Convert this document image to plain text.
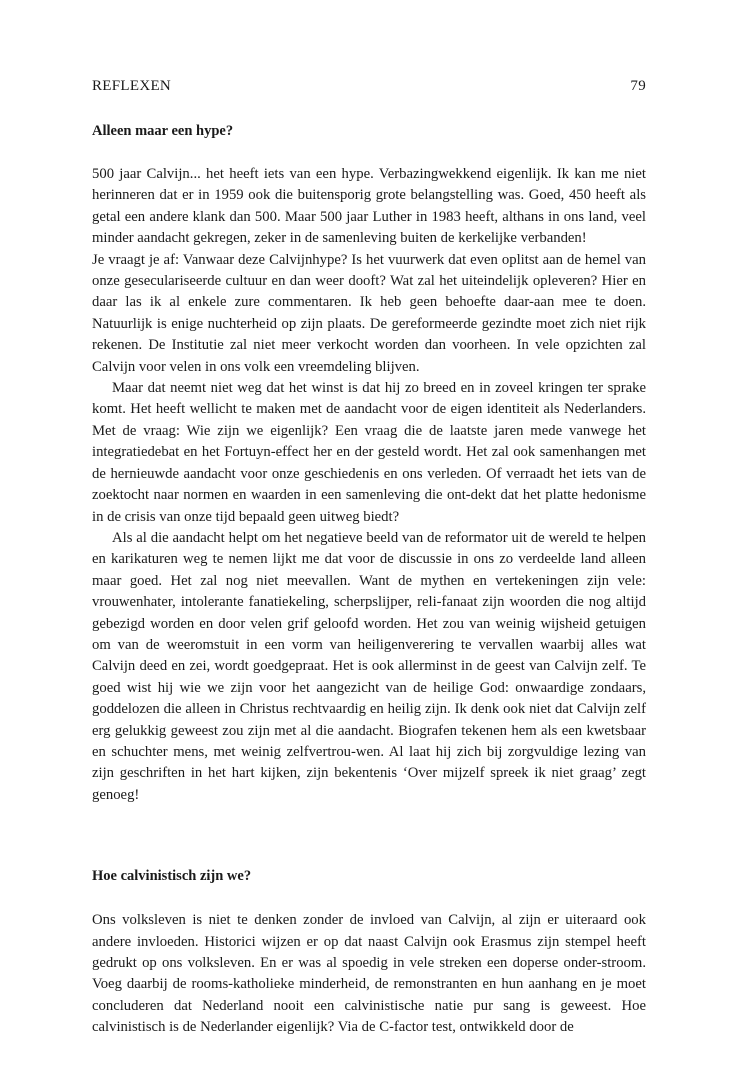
REFLEXEN	79
Alleen maar een hype?

500 jaar Calvijn... het heeft iets van een hype. Verbazingwekkend eigenlijk. Ik kan me niet herinneren dat er in 1959 ook die buitensporig grote belangstelling was. Goed, 450 heeft als getal een andere klank dan 500. Maar 500 jaar Luther in 1983 heeft, althans in ons land, veel minder aandacht gekregen, zeker in de samenleving buiten de kerkelijke verbanden!

Je vraagt je af: Vanwaar deze Calvijnhype? Is het vuurwerk dat even oplitst aan de hemel van onze geseculariseerde cultuur en dan weer dooft? Wat zal het uiteindelijk opleveren? Hier en daar las ik al enkele zure commentaren. Ik heb geen behoefte daar-aan mee te doen. Natuurlijk is enige nuchterheid op zijn plaats. De gereformeerde gezindte moet zich niet rijk rekenen. De Institutie zal niet meer verkocht worden dan voorheen. In vele opzichten zal Calvijn voor velen in ons volk een vreemdeling blijven.

Maar dat neemt niet weg dat het winst is dat hij zo breed en in zoveel kringen ter sprake komt. Het heeft wellicht te maken met de aandacht voor de eigen identiteit als Nederlanders. Met de vraag: Wie zijn we eigenlijk? Een vraag die de laatste jaren mede vanwege het integratiedebat en het Fortuyn-effect her en der gesteld wordt. Het zal ook samenhangen met de hernieuwde aandacht voor onze geschiedenis en ons verleden. Of verraadt het iets van de zoektocht naar normen en waarden in een samenleving die ont-dekt dat het platte hedonisme in de crisis van onze tijd bepaald geen uitweg biedt?

Als al die aandacht helpt om het negatieve beeld van de reformator uit de wereld te helpen en karikaturen weg te nemen lijkt me dat voor de discussie in ons zo verdeelde land alleen maar goed. Het zal nog niet meevallen. Want de mythen en vertekeningen zijn vele: vrouwenhater, intolerante fanatiekeling, scherpslijper, reli-fanaat zijn woorden die nog altijd gebezigd worden en door velen grif geloofd worden. Het zou van weinig wijsheid getuigen om van de weeromstuit in een vorm van heiligenverering te vervallen waarbij alles wat Calvijn deed en zei, wordt goedgepraat. Het is ook allerminst in de geest van Calvijn zelf. Te goed wist hij wie we zijn voor het aangezicht van de heilige God: onwaardige zondaars, goddelozen die alleen in Christus rechtvaardig en heilig zijn. Ik denk ook niet dat Calvijn zelf erg gelukkig geweest zou zijn met al die aandacht. Biografen tekenen hem als een kwetsbaar en schuchter mens, met weinig zelfvertrou-wen. Al laat hij zich bij zorgvuldige lezing van zijn geschriften in het hart kijken, zijn bekentenis ‘Over mijzelf spreek ik niet graag’ zegt genoeg!

Hoe calvinistisch zijn we?

Ons volksleven is niet te denken zonder de invloed van Calvijn, al zijn er uiteraard ook andere invloeden. Historici wijzen er op dat naast Calvijn ook Erasmus zijn stempel heeft gedrukt op ons volksleven. En er was al spoedig in vele streken een doperse onder-stroom. Voeg daarbij de rooms-katholieke minderheid, de remonstranten en hun aanhang en je moet concluderen dat Nederland nooit een calvinistische natie pur sang is geweest. Hoe calvinistisch is de Nederlander eigenlijk? Via de C-factor test, ontwikkeld door de
